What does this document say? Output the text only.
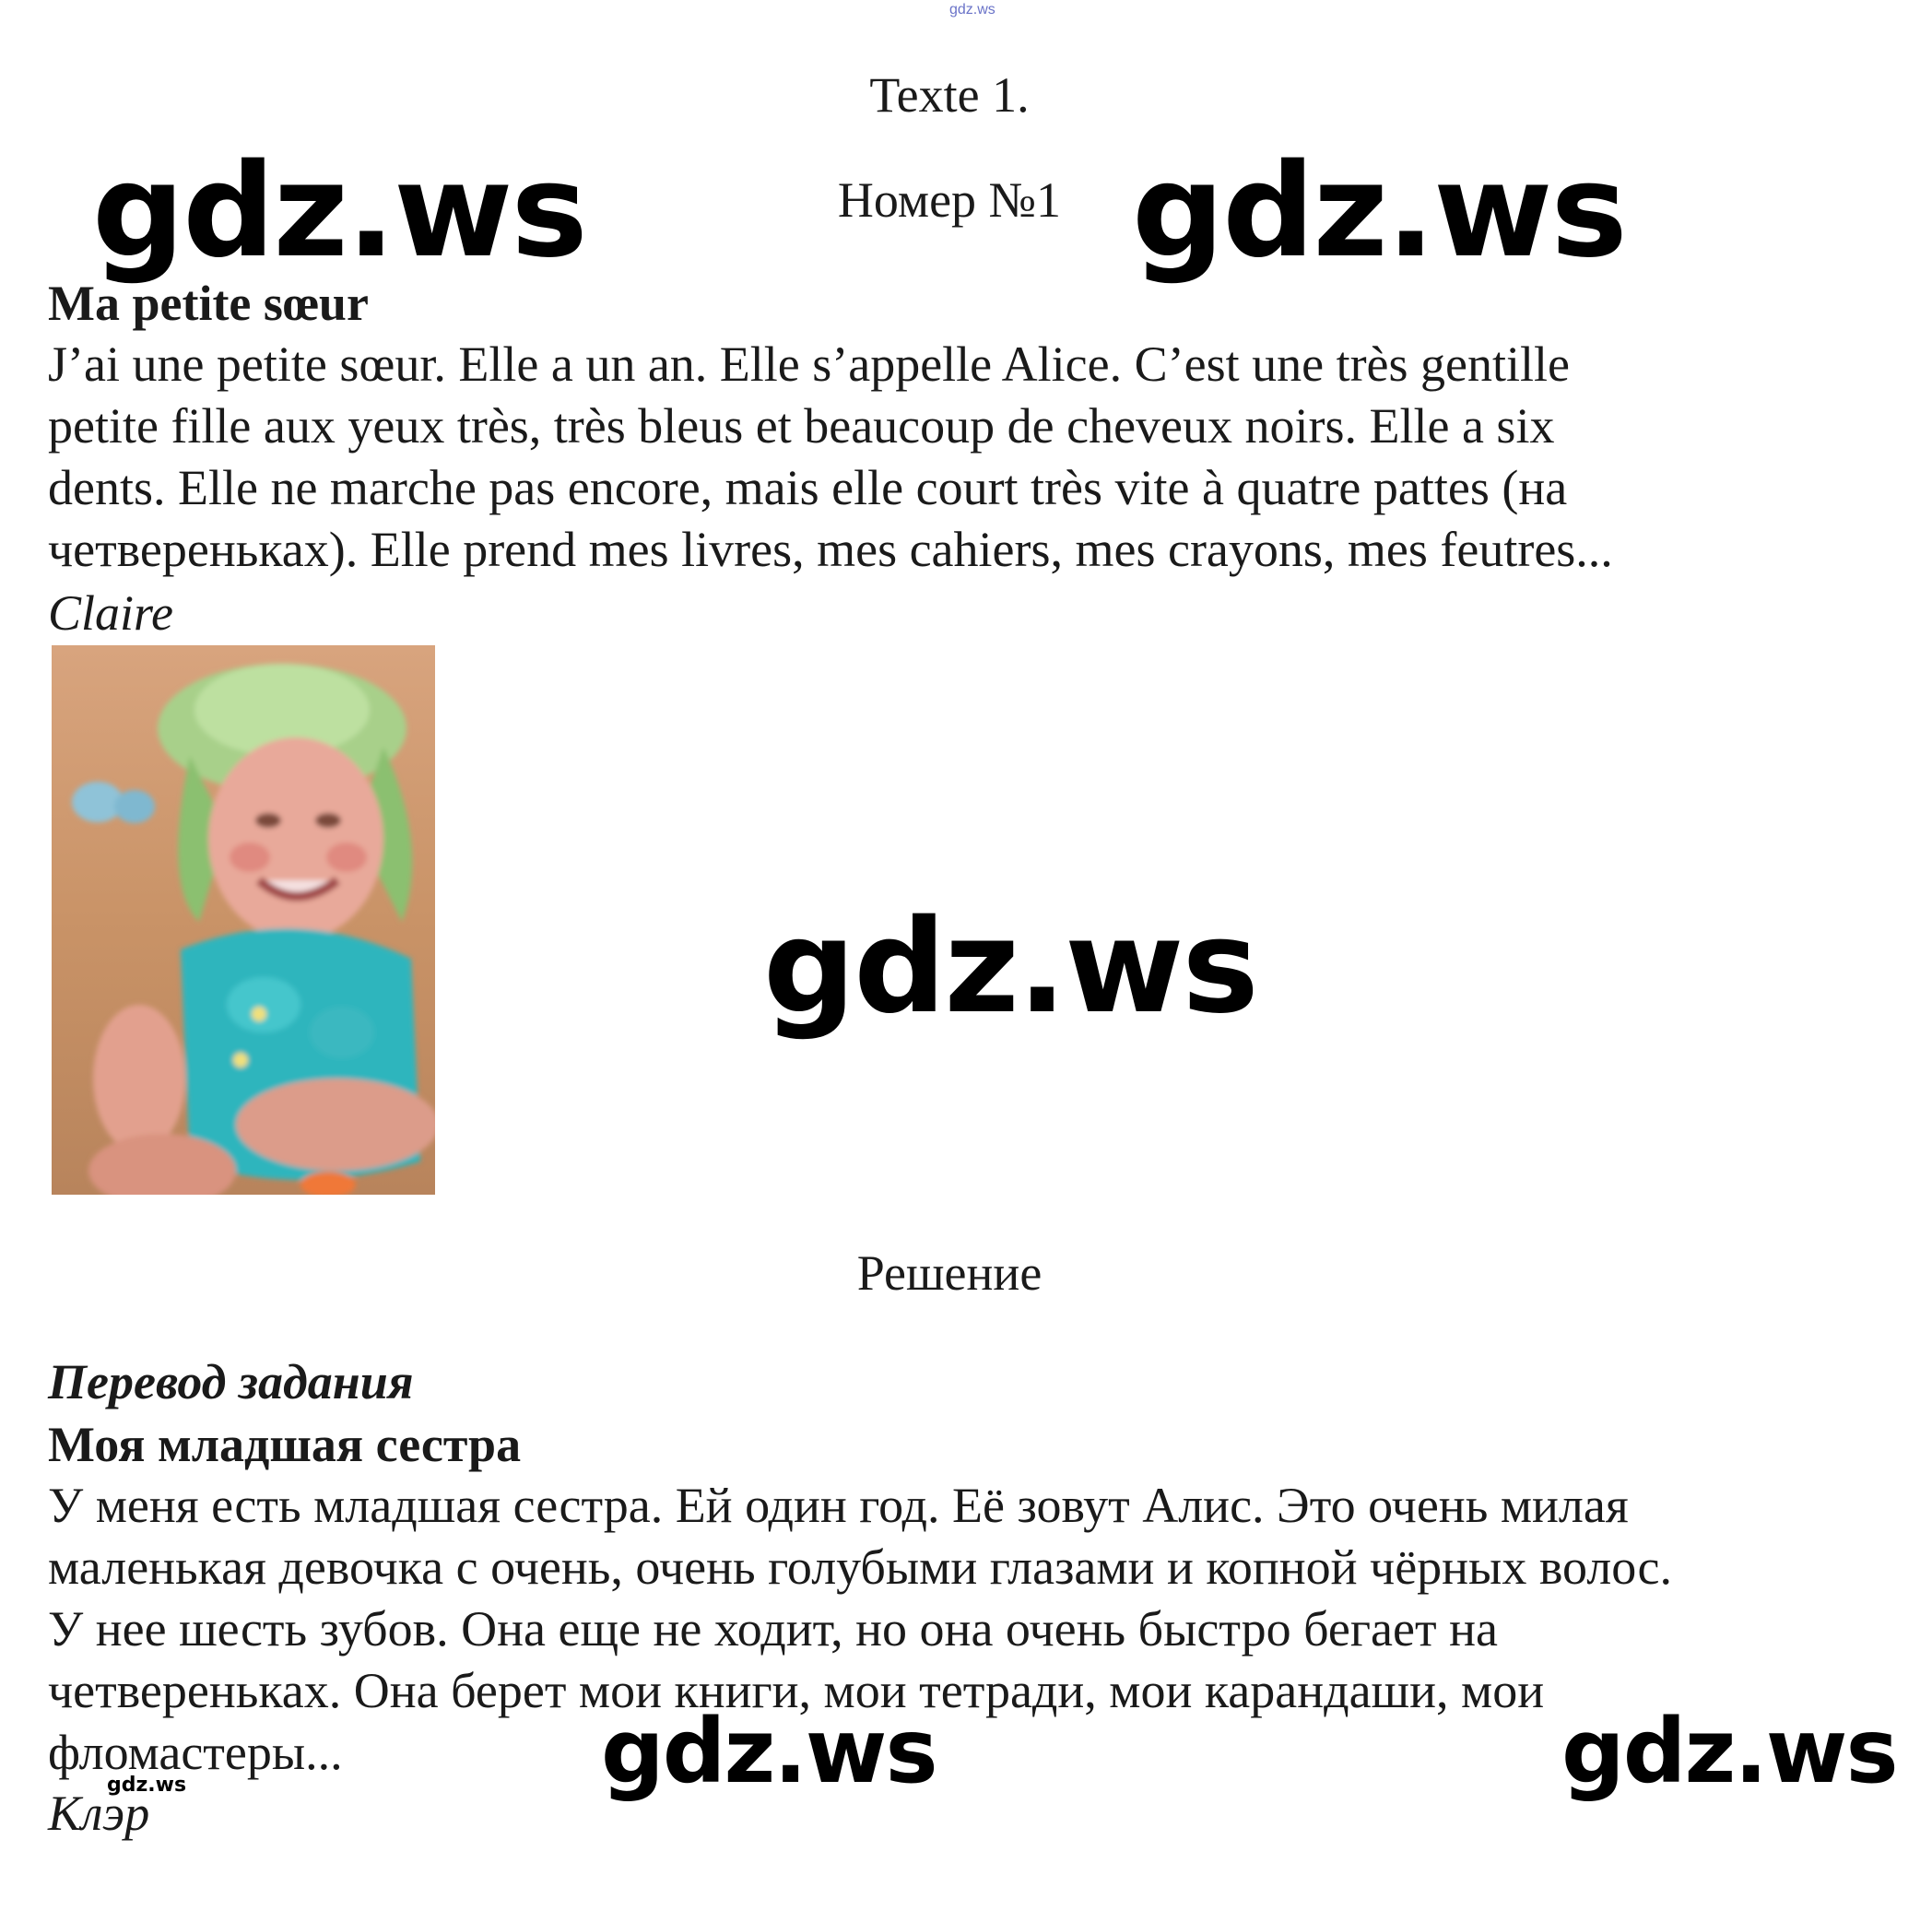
gdz.ws
Texte 1.
Номер №1
gdz.ws	gdz.ws
Ma petite sœur

J’ai une petite sœur. Elle a un an. Elle s’appelle Alice. C’est une très gentille

petite fille aux yeux très, très bleus et beaucoup de cheveux noirs. Elle a six

dents. Elle ne marche pas encore, mais elle court très vite à quatre pattes (на

четвереньках). Elle prend mes livres, mes cahiers, mes crayons, mes feutres...

Claire
gdz.ws
Решение
Перевод задания
Моя младшая сестра

У меня есть младшая сестра. Ей один год. Её зовут Алис. Это очень милая

маленькая девочка с очень, очень голубыми глазами и копной чёрных волос.

У нее шесть зубов. Она еще не ходит, но она очень быстро бегает на

четвереньках. Она берет мои книги, мои тетради, мои карандаши, мои

фломастеры...

Клэр
gdz.ws	gdz.ws	gdz.ws
